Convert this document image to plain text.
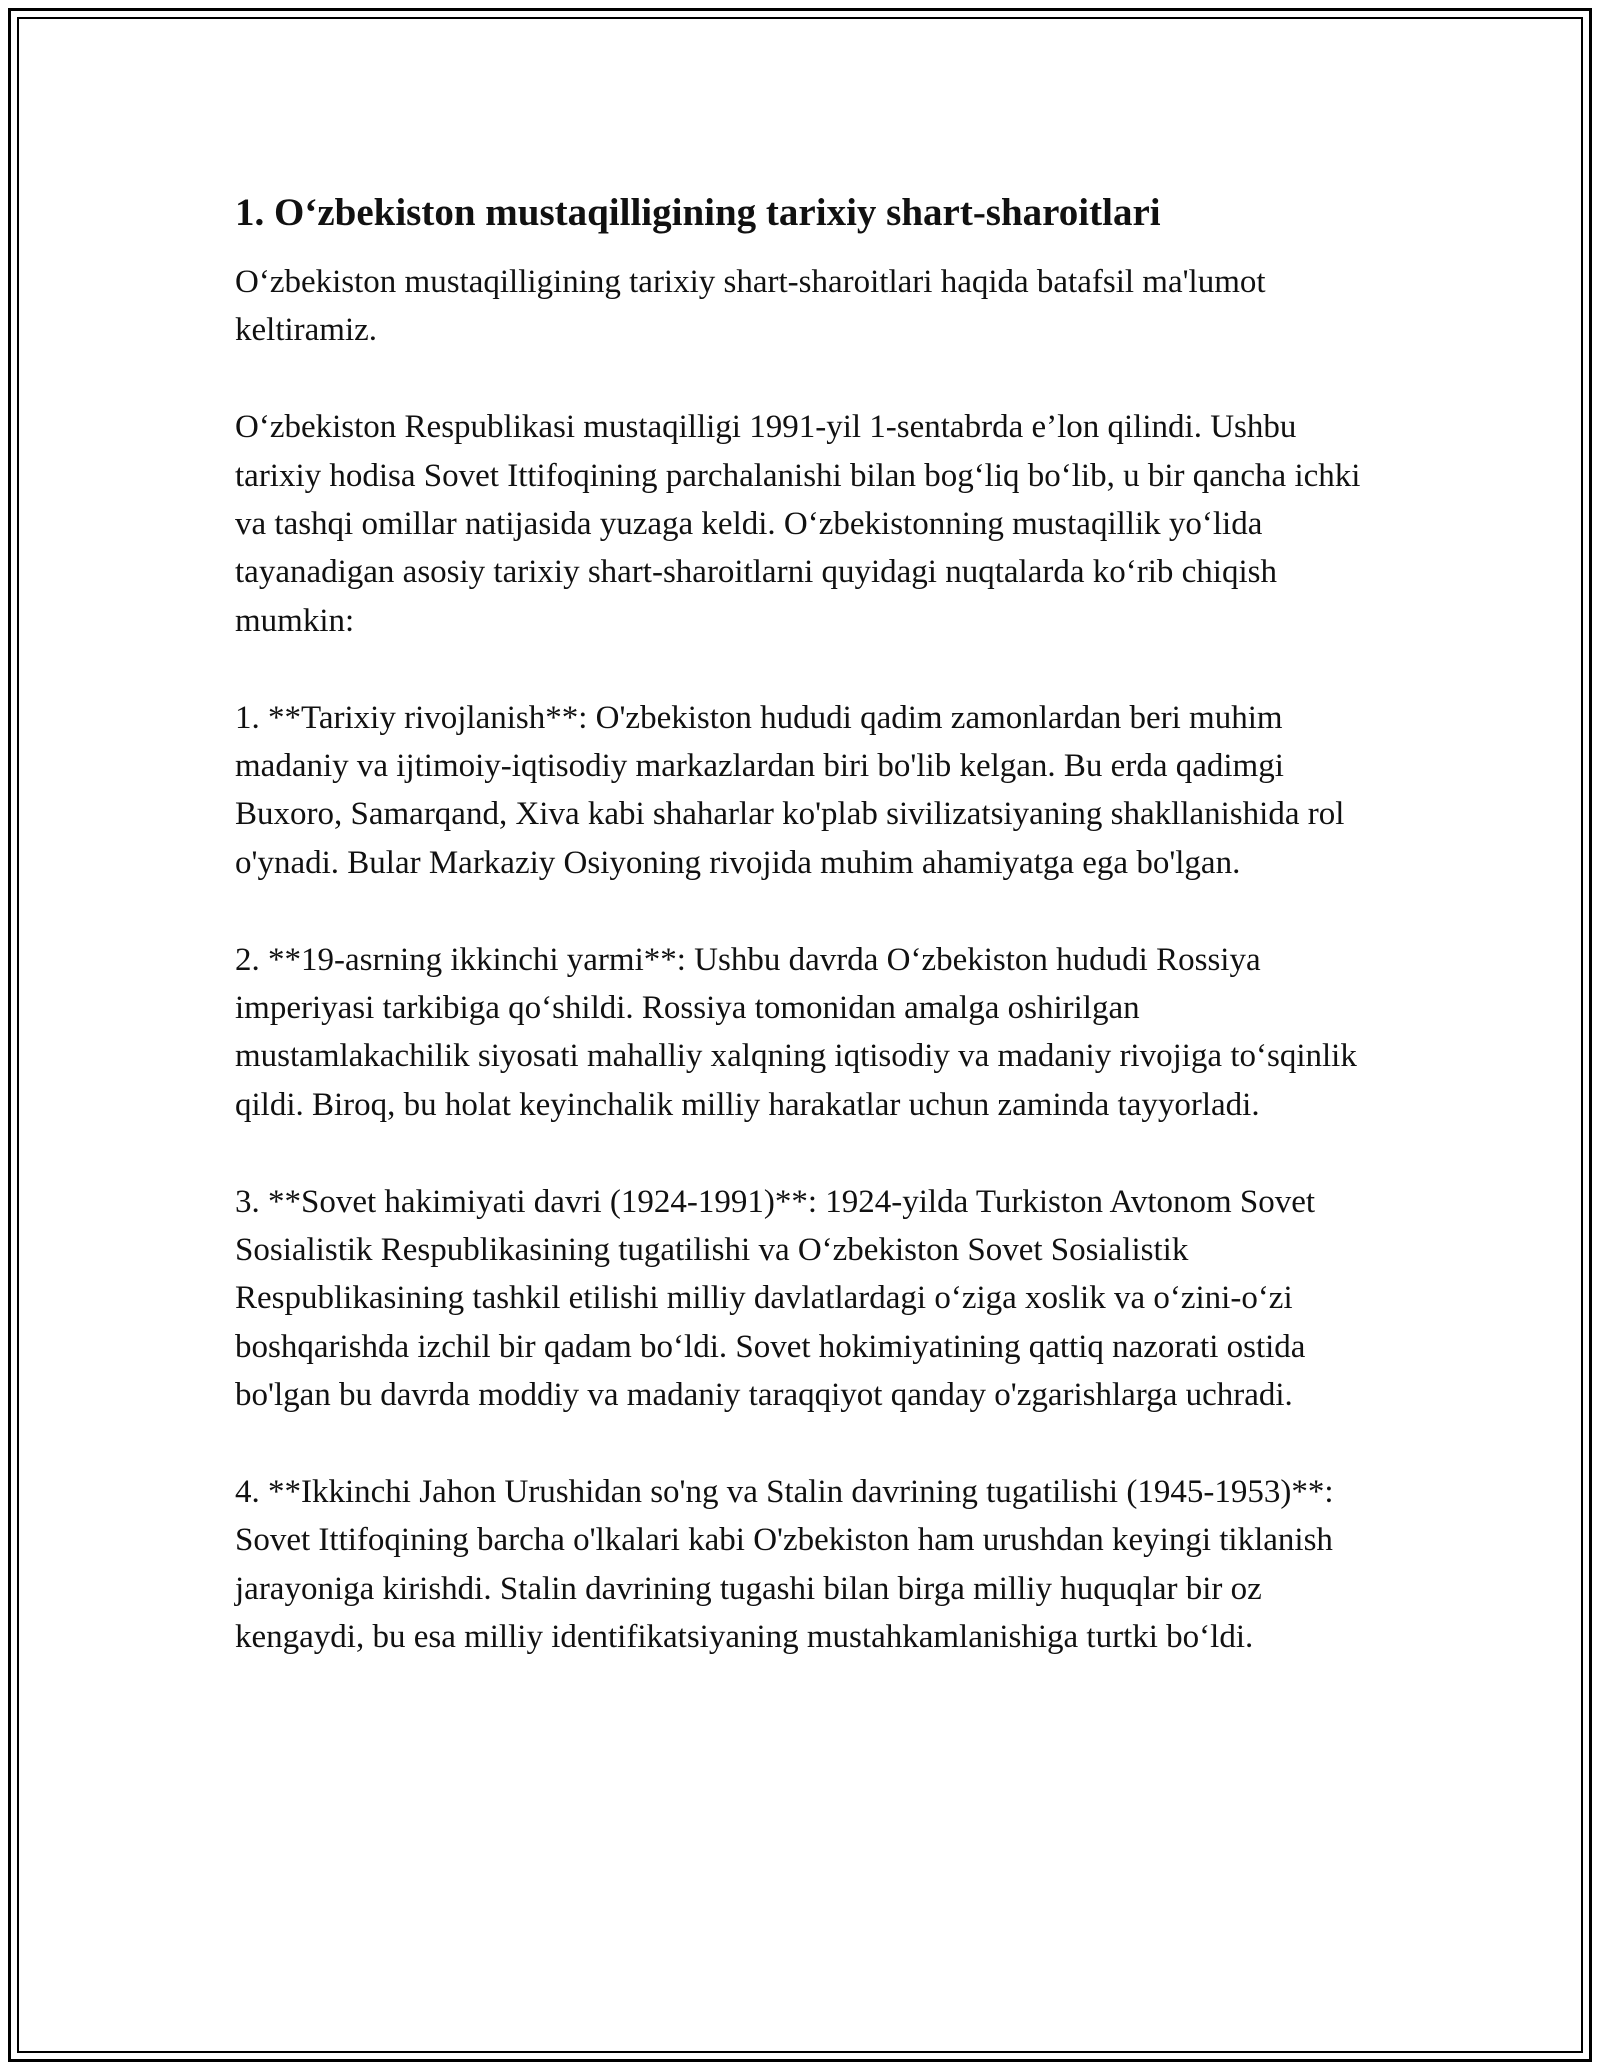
1. O‘zbekiston mustaqilligining tarixiy shart-sharoitlari

O‘zbekiston mustaqilligining tarixiy shart-sharoitlari haqida batafsil ma'lumot keltiramiz.

O‘zbekiston Respublikasi mustaqilligi 1991-yil 1-sentabrda e’lon qilindi. Ushbu tarixiy hodisa Sovet Ittifoqining parchalanishi bilan bog‘liq bo‘lib, u bir qancha ichki va tashqi omillar natijasida yuzaga keldi. O‘zbekistonning mustaqillik yo‘lida tayanadigan asosiy tarixiy shart-sharoitlarni quyidagi nuqtalarda ko‘rib chiqish mumkin:

1. **Tarixiy rivojlanish**: O'zbekiston hududi qadim zamonlardan beri muhim madaniy va ijtimoiy-iqtisodiy markazlardan biri bo'lib kelgan. Bu erda qadimgi Buxoro, Samarqand, Xiva kabi shaharlar ko'plab sivilizatsiyaning shakllanishida rol o'ynadi. Bular Markaziy Osiyoning rivojida muhim ahamiyatga ega bo'lgan.

2. **19-asrning ikkinchi yarmi**: Ushbu davrda O‘zbekiston hududi Rossiya imperiyasi tarkibiga qo‘shildi. Rossiya tomonidan amalga oshirilgan mustamlakachilik siyosati mahalliy xalqning iqtisodiy va madaniy rivojiga to‘sqinlik qildi. Biroq, bu holat keyinchalik milliy harakatlar uchun zaminda tayyorladi.

3. **Sovet hakimiyati davri (1924-1991)**: 1924-yilda Turkiston Avtonom Sovet Sosialistik Respublikasining tugatilishi va O‘zbekiston Sovet Sosialistik Respublikasining tashkil etilishi milliy davlatlardagi o‘ziga xoslik va o‘zini-o‘zi boshqarishda izchil bir qadam bo‘ldi. Sovet hokimiyatining qattiq nazorati ostida bo'lgan bu davrda moddiy va madaniy taraqqiyot qanday o'zgarishlarga uchradi.

4. **Ikkinchi Jahon Urushidan so'ng va Stalin davrining tugatilishi (1945-1953)**: Sovet Ittifoqining barcha o'lkalari kabi O'zbekiston ham urushdan keyingi tiklanish jarayoniga kirishdi. Stalin davrining tugashi bilan birga milliy huquqlar bir oz kengaydi, bu esa milliy identifikatsiyaning mustahkamlanishiga turtki bo‘ldi.
